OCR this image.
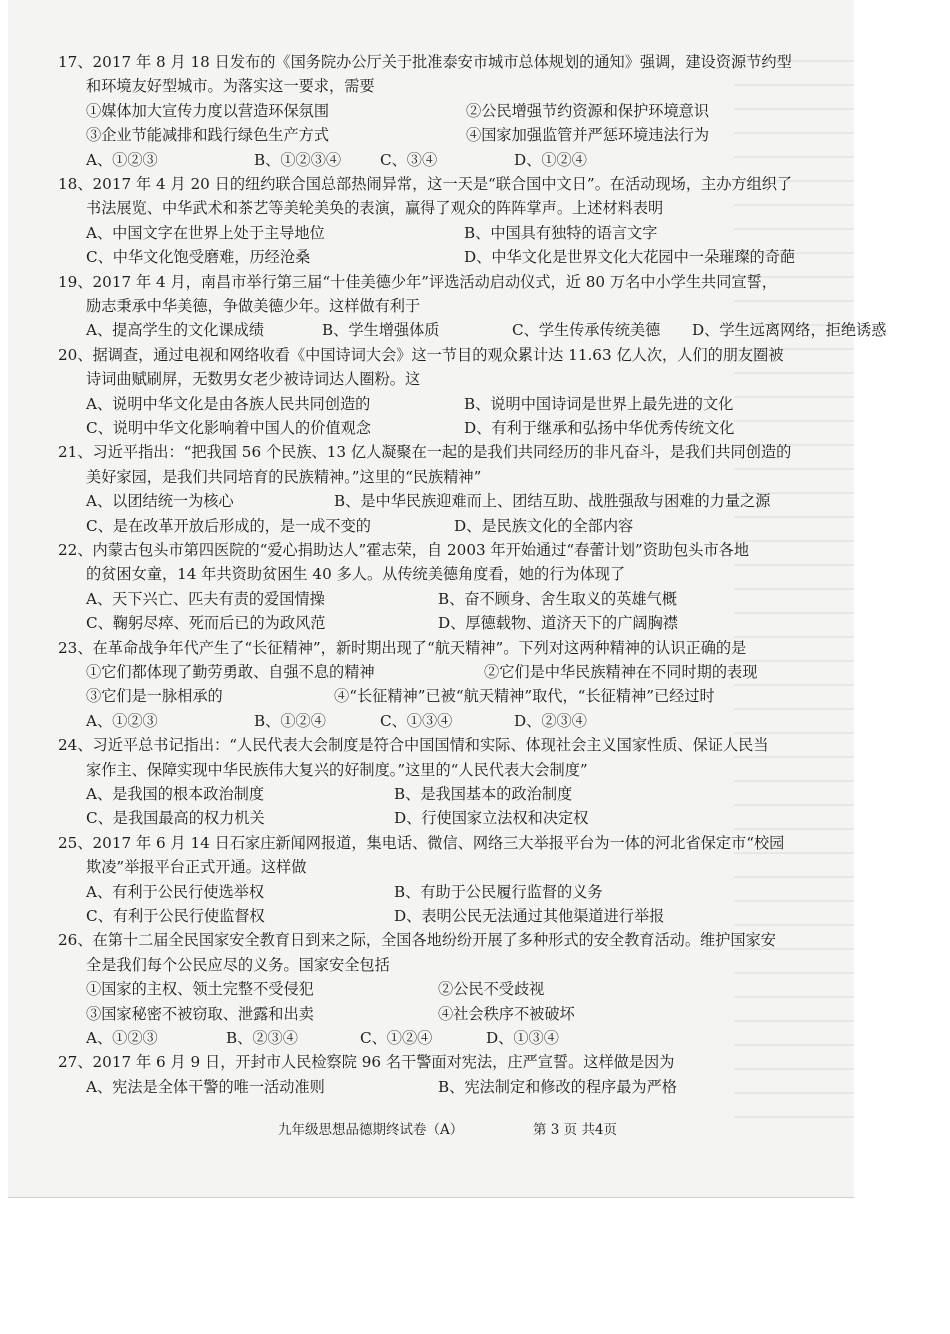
17、2017 年 8 月 18 日发布的《国务院办公厅关于批准泰安市城市总体规划的通知》强调，建设资源节约型
和环境友好型城市。为落实这一要求，需要
①媒体加大宣传力度以营造环保氛围	②公民增强节约资源和保护环境意识
③企业节能减排和践行绿色生产方式	④国家加强监管并严惩环境违法行为
A、①②③	B、①②③④	C、③④	D、①②④
18、2017 年 4 月 20 日的纽约联合国总部热闹异常，这一天是“联合国中文日”。在活动现场，主办方组织了
书法展览、中华武术和茶艺等美轮美奂的表演，赢得了观众的阵阵掌声。上述材料表明
A、中国文字在世界上处于主导地位	B、中国具有独特的语言文字
C、中华文化饱受磨难，历经沧桑	D、中华文化是世界文化大花园中一朵璀璨的奇葩
19、2017 年 4 月，南昌市举行第三届“十佳美德少年”评选活动启动仪式，近 80 万名中小学生共同宣誓，
励志秉承中华美德，争做美德少年。这样做有利于
A、提高学生的文化课成绩	B、学生增强体质	C、学生传承传统美德 D、学生远离网络，拒绝诱惑
20、据调查，通过电视和网络收看《中国诗词大会》这一节目的观众累计达 11.63 亿人次，人们的朋友圈被
诗词曲赋刷屏，无数男女老少被诗词达人圈粉。这
A、说明中华文化是由各族人民共同创造的	B、说明中国诗词是世界上最先进的文化
C、说明中华文化影响着中国人的价值观念	D、有利于继承和弘扬中华优秀传统文化
21、习近平指出：“把我国 56 个民族、13 亿人凝聚在一起的是我们共同经历的非凡奋斗，是我们共同创造的
美好家园，是我们共同培育的民族精神。”这里的“民族精神”
A、以团结统一为核心	B、是中华民族迎难而上、团结互助、战胜强敌与困难的力量之源
C、是在改革开放后形成的，是一成不变的	D、是民族文化的全部内容
22、内蒙古包头市第四医院的“爱心捐助达人”霍志荣，自 2003 年开始通过“春蕾计划”资助包头市各地
的贫困女童，14 年共资助贫困生 40 多人。从传统美德角度看，她的行为体现了
A、天下兴亡、匹夫有责的爱国情操	B、奋不顾身、舍生取义的英雄气概
C、鞠躬尽瘁、死而后已的为政风范	D、厚德载物、道济天下的广阔胸襟
23、在革命战争年代产生了“长征精神”，新时期出现了“航天精神”。下列对这两种精神的认识正确的是
①它们都体现了勤劳勇敢、自强不息的精神	②它们是中华民族精神在不同时期的表现
③它们是一脉相承的	④“长征精神”已被“航天精神”取代，“长征精神”已经过时
A、①②③	B、①②④	C、①③④	D、②③④
24、习近平总书记指出：“人民代表大会制度是符合中国国情和实际、体现社会主义国家性质、保证人民当
家作主、保障实现中华民族伟大复兴的好制度。”这里的“人民代表大会制度”
A、是我国的根本政治制度	B、是我国基本的政治制度
C、是我国最高的权力机关	D、行使国家立法权和决定权
25、2017 年 6 月 14 日石家庄新闻网报道，集电话、微信、网络三大举报平台为一体的河北省保定市“校园
欺凌”举报平台正式开通。这样做
A、有利于公民行使选举权	B、有助于公民履行监督的义务
C、有利于公民行使监督权	D、表明公民无法通过其他渠道进行举报
26、在第十二届全民国家安全教育日到来之际，全国各地纷纷开展了多种形式的安全教育活动。维护国家安
全是我们每个公民应尽的义务。国家安全包括
①国家的主权、领土完整不受侵犯	②公民不受歧视
③国家秘密不被窃取、泄露和出卖	④社会秩序不被破坏
A、①②③	B、②③④	C、①②④	D、①③④
27、2017 年 6 月 9 日，开封市人民检察院 96 名干警面对宪法，庄严宣誓。这样做是因为
A、宪法是全体干警的唯一活动准则	B、宪法制定和修改的程序最为严格
九年级思想品德期终试卷（A）	第 3 页 共4页
